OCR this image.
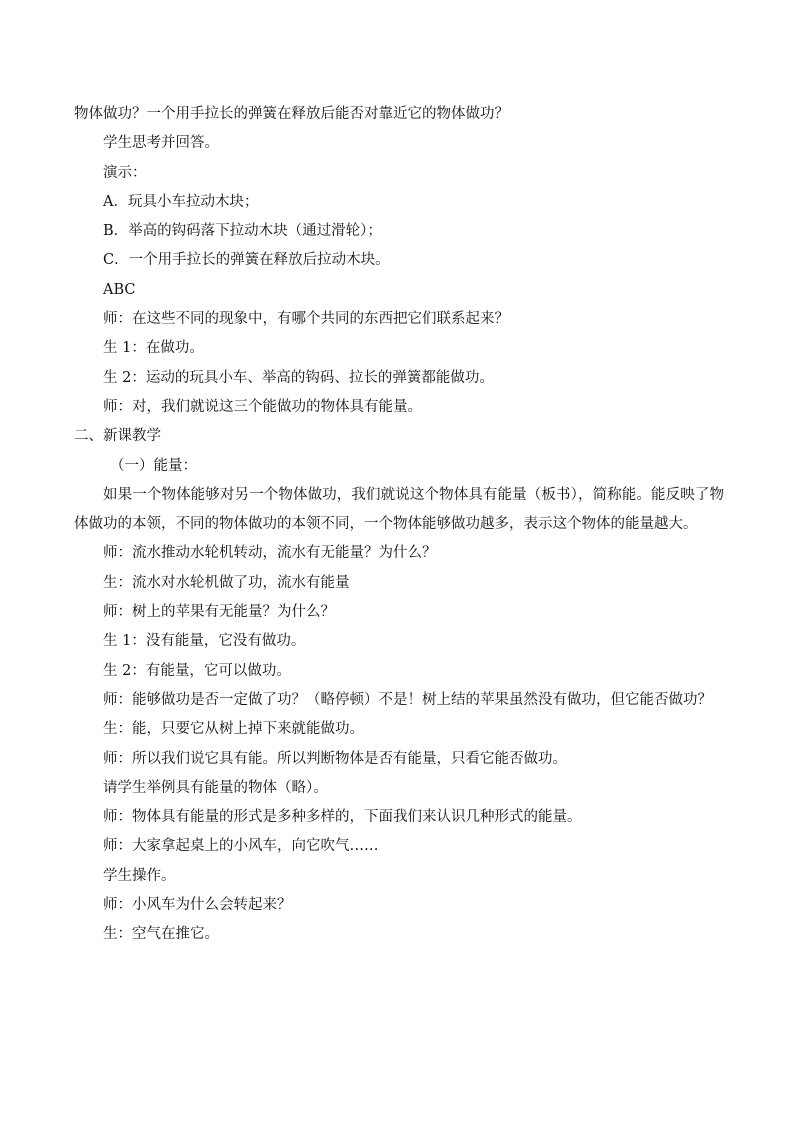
物体做功？一个用手拉长的弹簧在释放后能否对靠近它的物体做功？
学生思考并回答。
演示：
A．玩具小车拉动木块；
B．举高的钩码落下拉动木块（通过滑轮）；
C．一个用手拉长的弹簧在释放后拉动木块。
ABC
师：在这些不同的现象中，有哪个共同的东西把它们联系起来？
生 1：在做功。
生 2：运动的玩具小车、举高的钩码、拉长的弹簧都能做功。
师：对，我们就说这三个能做功的物体具有能量。
二、新课教学
（一）能量：
如果一个物体能够对另一个物体做功，我们就说这个物体具有能量（板书），简称能。能反映了物体做功的本领，不同的物体做功的本领不同，一个物体能够做功越多，表示这个物体的能量越大。
师：流水推动水轮机转动，流水有无能量？为什么？
生：流水对水轮机做了功，流水有能量
师：树上的苹果有无能量？为什么？
生 1：没有能量，它没有做功。
生 2：有能量，它可以做功。
师：能够做功是否一定做了功？（略停顿）不是！树上结的苹果虽然没有做功，但它能否做功？
生：能，只要它从树上掉下来就能做功。
师：所以我们说它具有能。所以判断物体是否有能量，只看它能否做功。
请学生举例具有能量的物体（略）。
师：物体具有能量的形式是多种多样的，下面我们来认识几种形式的能量。
师：大家拿起桌上的小风车，向它吹气……
学生操作。
师：小风车为什么会转起来？
生：空气在推它。
